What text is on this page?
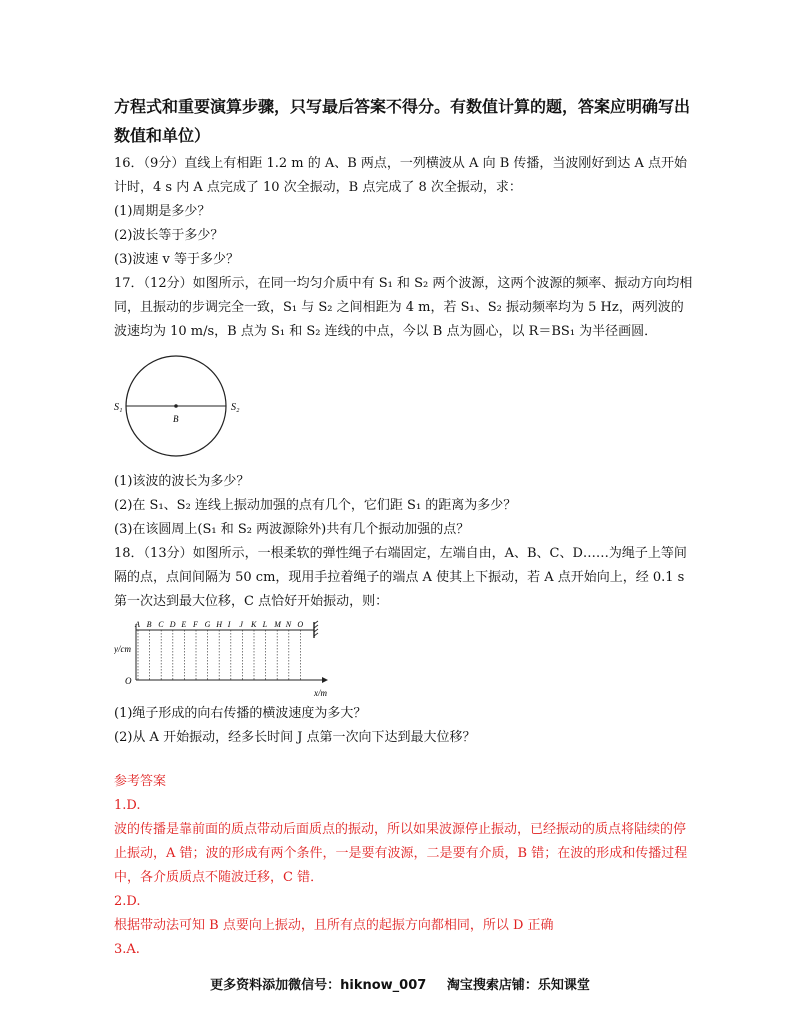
方程式和重要演算步骤，只写最后答案不得分。有数值计算的题，答案应明确写出数值和单位）

16．（9分）直线上有相距 1.2 m 的 A、B 两点，一列横波从 A 向 B 传播，当波刚好到达 A 点开始计时，4 s 内 A 点完成了 10 次全振动，B 点完成了 8 次全振动，求：

(1)周期是多少？

(2)波长等于多少？

(3)波速 v 等于多少？

17．（12分）如图所示，在同一均匀介质中有 S₁ 和 S₂ 两个波源，这两个波源的频率、振动方向均相同，且振动的步调完全一致，S₁ 与 S₂ 之间相距为 4 m，若 S₁、S₂ 振动频率均为 5 Hz，两列波的波速均为 10 m/s，B 点为 S₁ 和 S₂ 连线的中点，今以 B 点为圆心，以 R＝BS₁ 为半径画圆．

S₁	S₂
B

(1)该波的波长为多少？

(2)在 S₁、S₂ 连线上振动加强的点有几个，它们距 S₁ 的距离为多少？

(3)在该圆周上(S₁ 和 S₂ 两波源除外)共有几个振动加强的点？

18．（13分）如图所示，一根柔软的弹性绳子右端固定，左端自由，A、B、C、D……为绳子上等间隔的点，点间间隔为 50 cm，现用手拉着绳子的端点 A 使其上下振动，若 A 点开始向上，经 0.1 s 第一次达到最大位移，C 点恰好开始振动，则：

A B C D E F G H I J K L M N O
y/cm
x/m
O

(1)绳子形成的向右传播的横波速度为多大？

(2)从 A 开始振动，经多长时间 J 点第一次向下达到最大位移？

参考答案

1.D.

波的传播是靠前面的质点带动后面质点的振动，所以如果波源停止振动，已经振动的质点将陆续的停止振动，A 错；波的形成有两个条件，一是要有波源，二是要有介质，B 错；在波的形成和传播过程中，各介质质点不随波迁移，C 错．

2.D.

根据带动法可知 B 点要向上振动，且所有点的起振方向都相同，所以 D 正确

3.A.

更多资料添加微信号：hiknow_007 淘宝搜索店铺：乐知课堂
